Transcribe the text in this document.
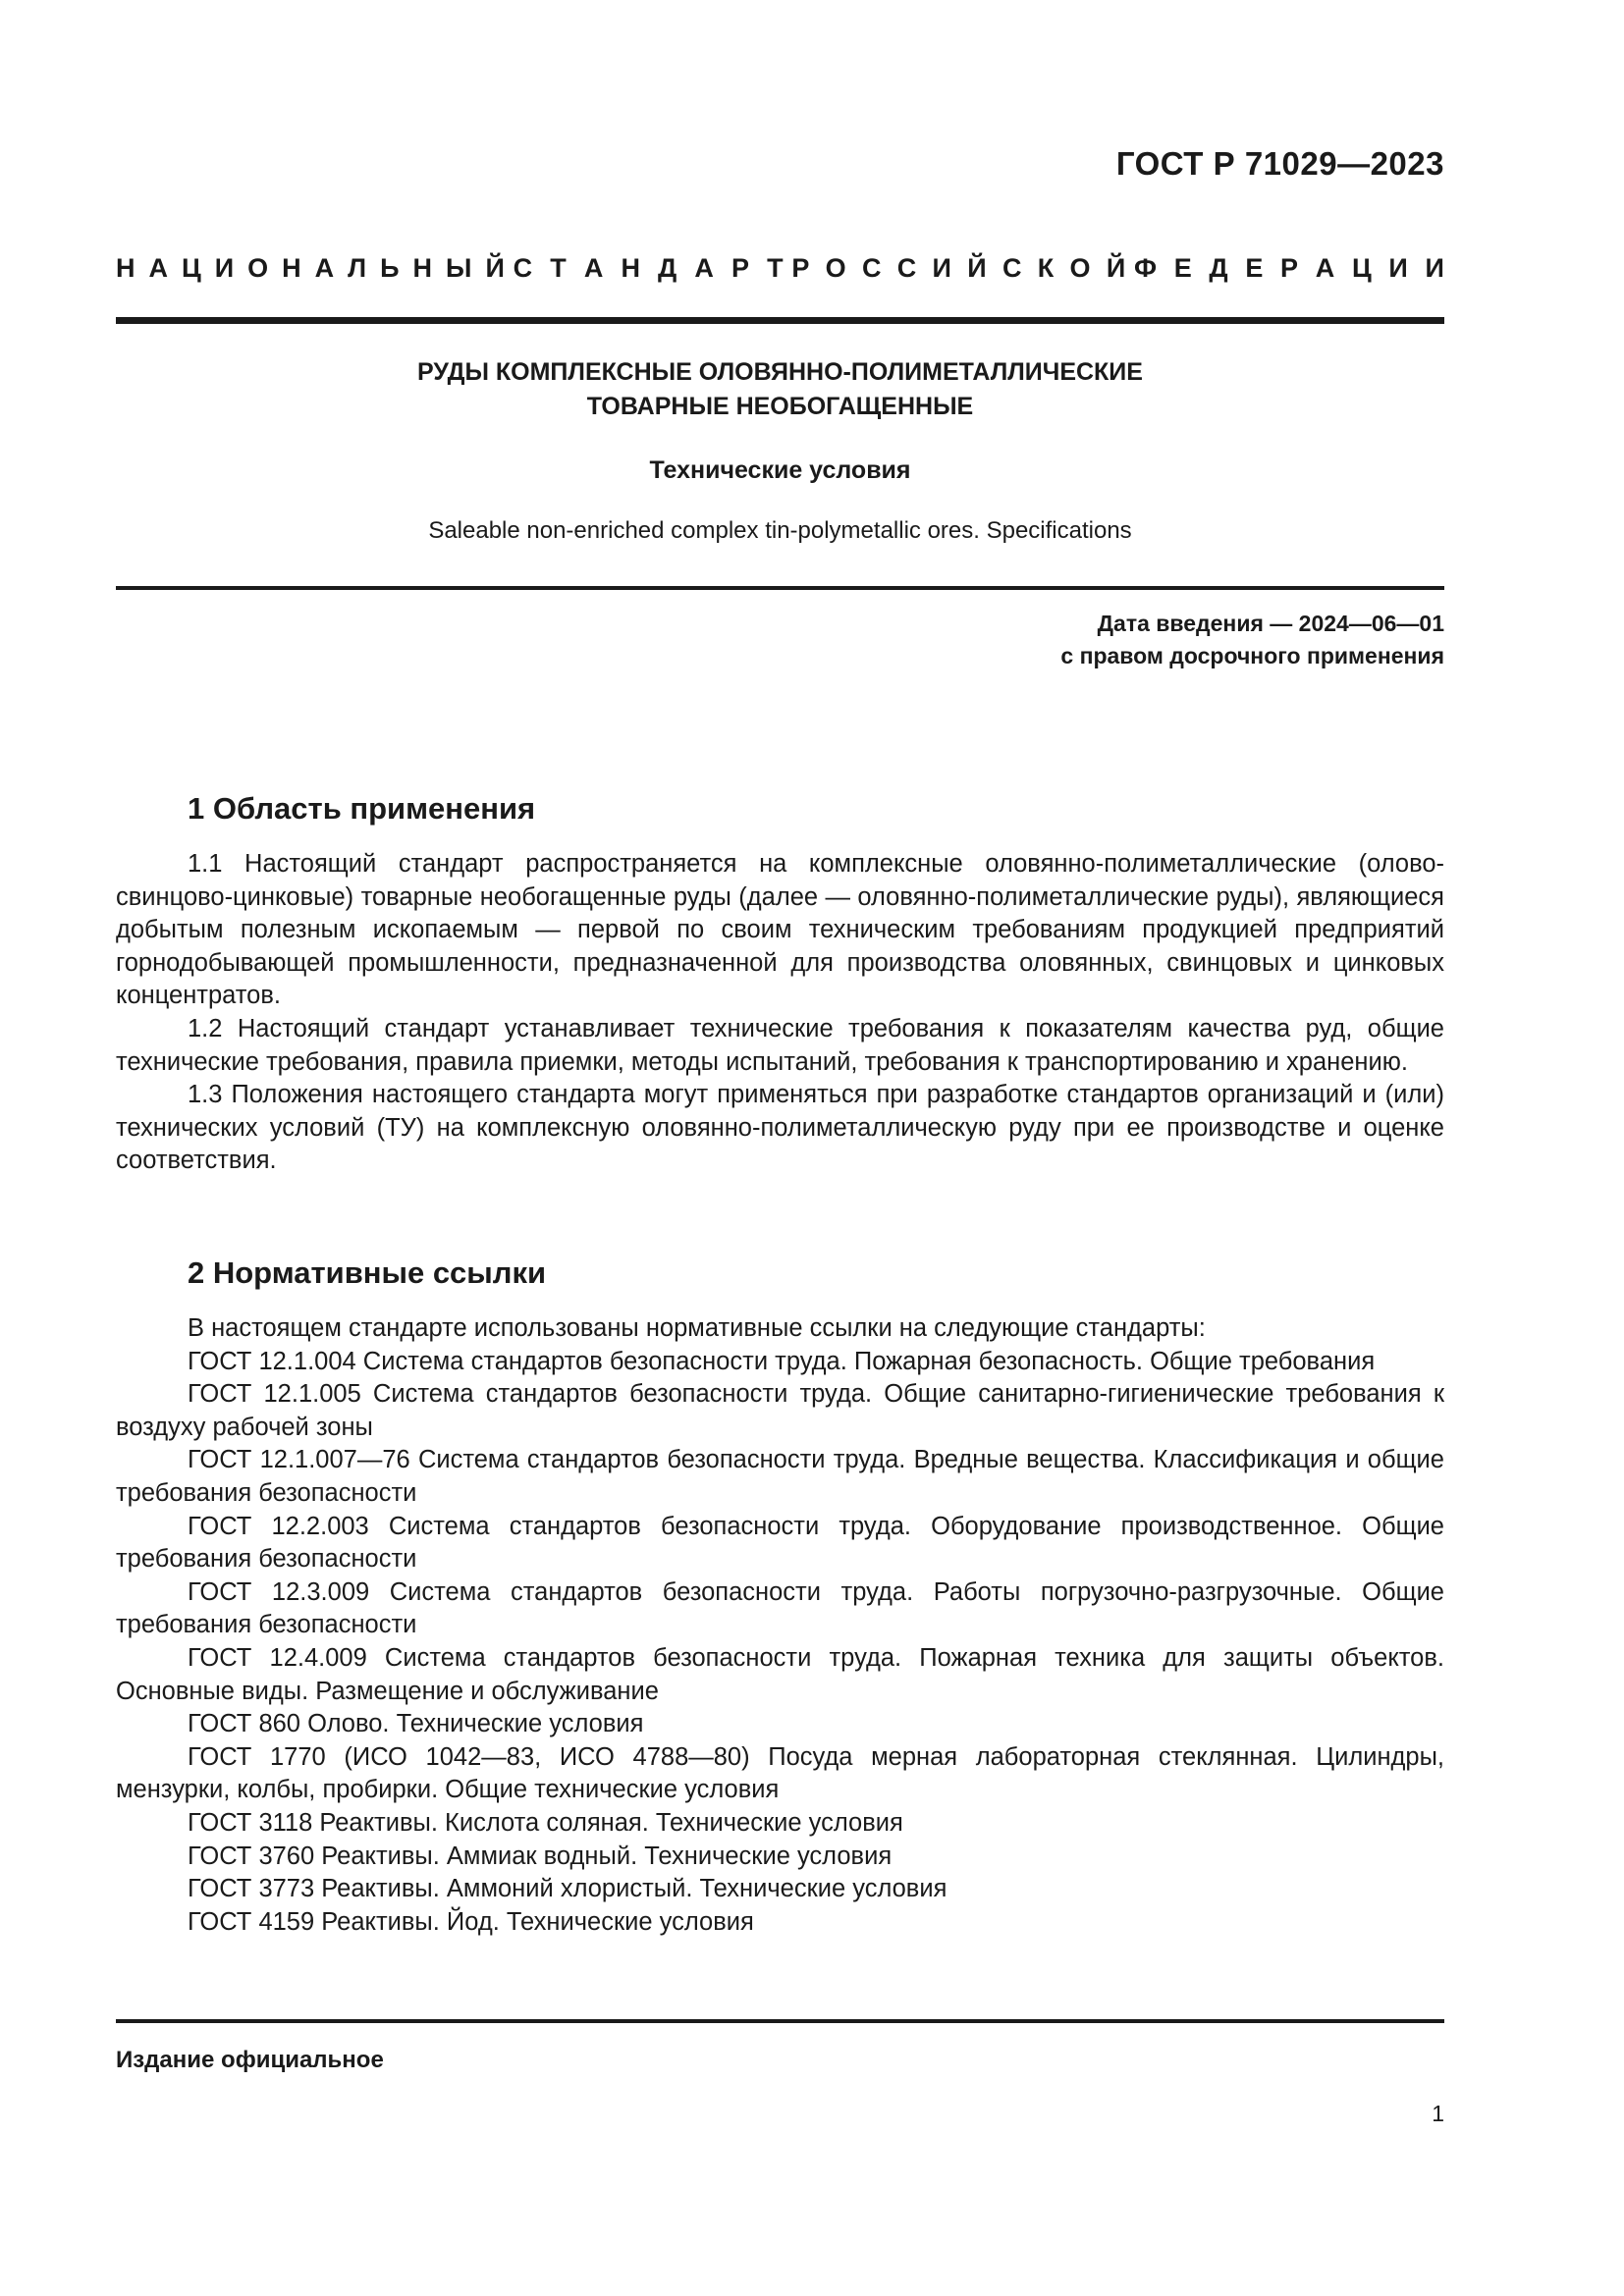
ГОСТ Р 71029—2023
Н А Ц И О Н А Л Ь Н Ы Й С Т А Н Д А Р Т Р О С С И Й С К О Й Ф Е Д Е Р А Ц И И
РУДЫ КОМПЛЕКСНЫЕ ОЛОВЯННО-ПОЛИМЕТАЛЛИЧЕСКИЕ
ТОВАРНЫЕ НЕОБОГАЩЕННЫЕ
Технические условия
Saleable non-enriched complex tin-polymetallic ores. Specifications
Дата введения — 2024—06—01
с правом досрочного применения
1 Область применения

1.1 Настоящий стандарт распространяется на комплексные оловянно-полиметаллические (олово-свинцово-цинковые) товарные необогащенные руды (далее — оловянно-полиметаллические руды), являющиеся добытым полезным ископаемым — первой по своим техническим требованиям продукцией предприятий горнодобывающей промышленности, предназначенной для производства оловянных, свинцовых и цинковых концентратов.

1.2 Настоящий стандарт устанавливает технические требования к показателям качества руд, общие технические требования, правила приемки, методы испытаний, требования к транспортированию и хранению.

1.3 Положения настоящего стандарта могут применяться при разработке стандартов организаций и (или) технических условий (ТУ) на комплексную оловянно-полиметаллическую руду при ее производстве и оценке соответствия.

2 Нормативные ссылки

В настоящем стандарте использованы нормативные ссылки на следующие стандарты:

ГОСТ 12.1.004 Система стандартов безопасности труда. Пожарная безопасность. Общие требования

ГОСТ 12.1.005 Система стандартов безопасности труда. Общие санитарно-гигиенические требования к воздуху рабочей зоны

ГОСТ 12.1.007—76 Система стандартов безопасности труда. Вредные вещества. Классификация и общие требования безопасности

ГОСТ 12.2.003 Система стандартов безопасности труда. Оборудование производственное. Общие требования безопасности

ГОСТ 12.3.009 Система стандартов безопасности труда. Работы погрузочно-разгрузочные. Общие требования безопасности

ГОСТ 12.4.009 Система стандартов безопасности труда. Пожарная техника для защиты объектов. Основные виды. Размещение и обслуживание

ГОСТ 860 Олово. Технические условия

ГОСТ 1770 (ИСО 1042—83, ИСО 4788—80) Посуда мерная лабораторная стеклянная. Цилиндры, мензурки, колбы, пробирки. Общие технические условия

ГОСТ 3118 Реактивы. Кислота соляная. Технические условия

ГОСТ 3760 Реактивы. Аммиак водный. Технические условия

ГОСТ 3773 Реактивы. Аммоний хлористый. Технические условия

ГОСТ 4159 Реактивы. Йод. Технические условия

Издание официальное
1
